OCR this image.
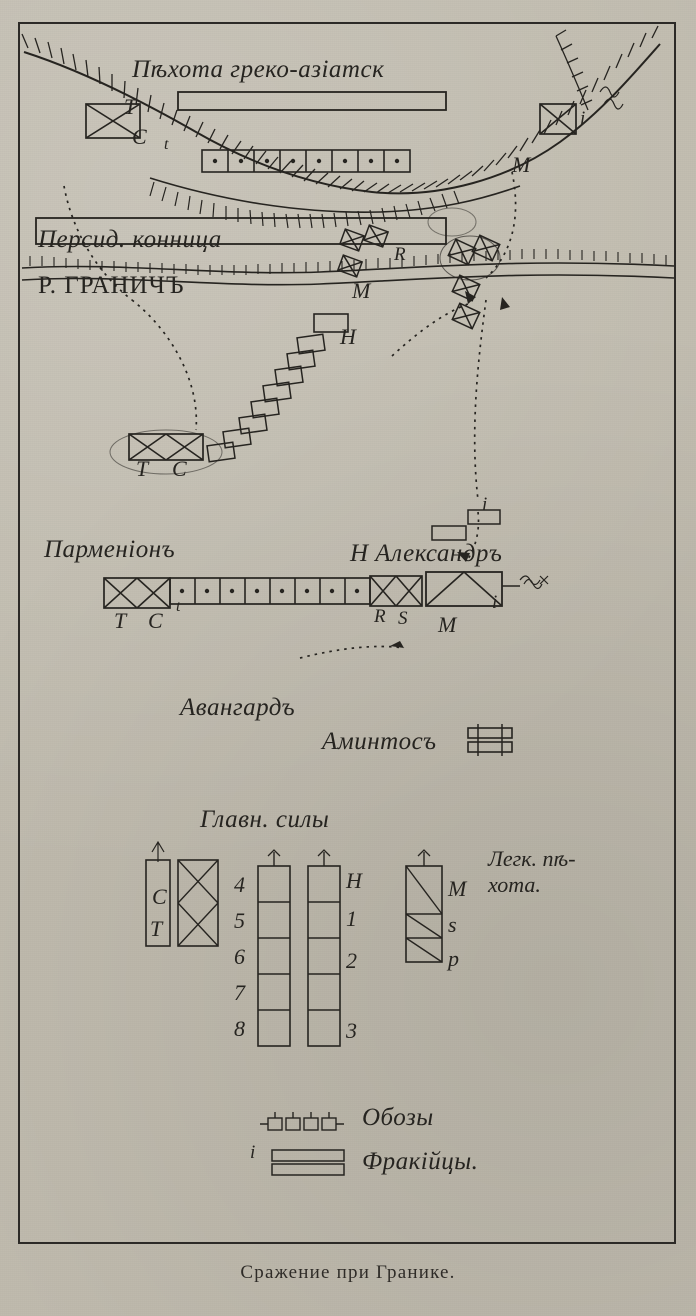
Пѣхота греко-азіатск
Персид. конница
Р. ГРАНИЧЪ
Парменіонъ	Н Александръ
Авангардъ
Аминтосъ
Главн. силы
Легк. пѣ-
хота.
Обозы
Фракійцы.
T
C t
M
i
M
R
H
T C
T C
t	R S M
i
i
i
C
T
4
5
6
7
8
H
1
2
3
M
s
p
Сражение при Гранике.
